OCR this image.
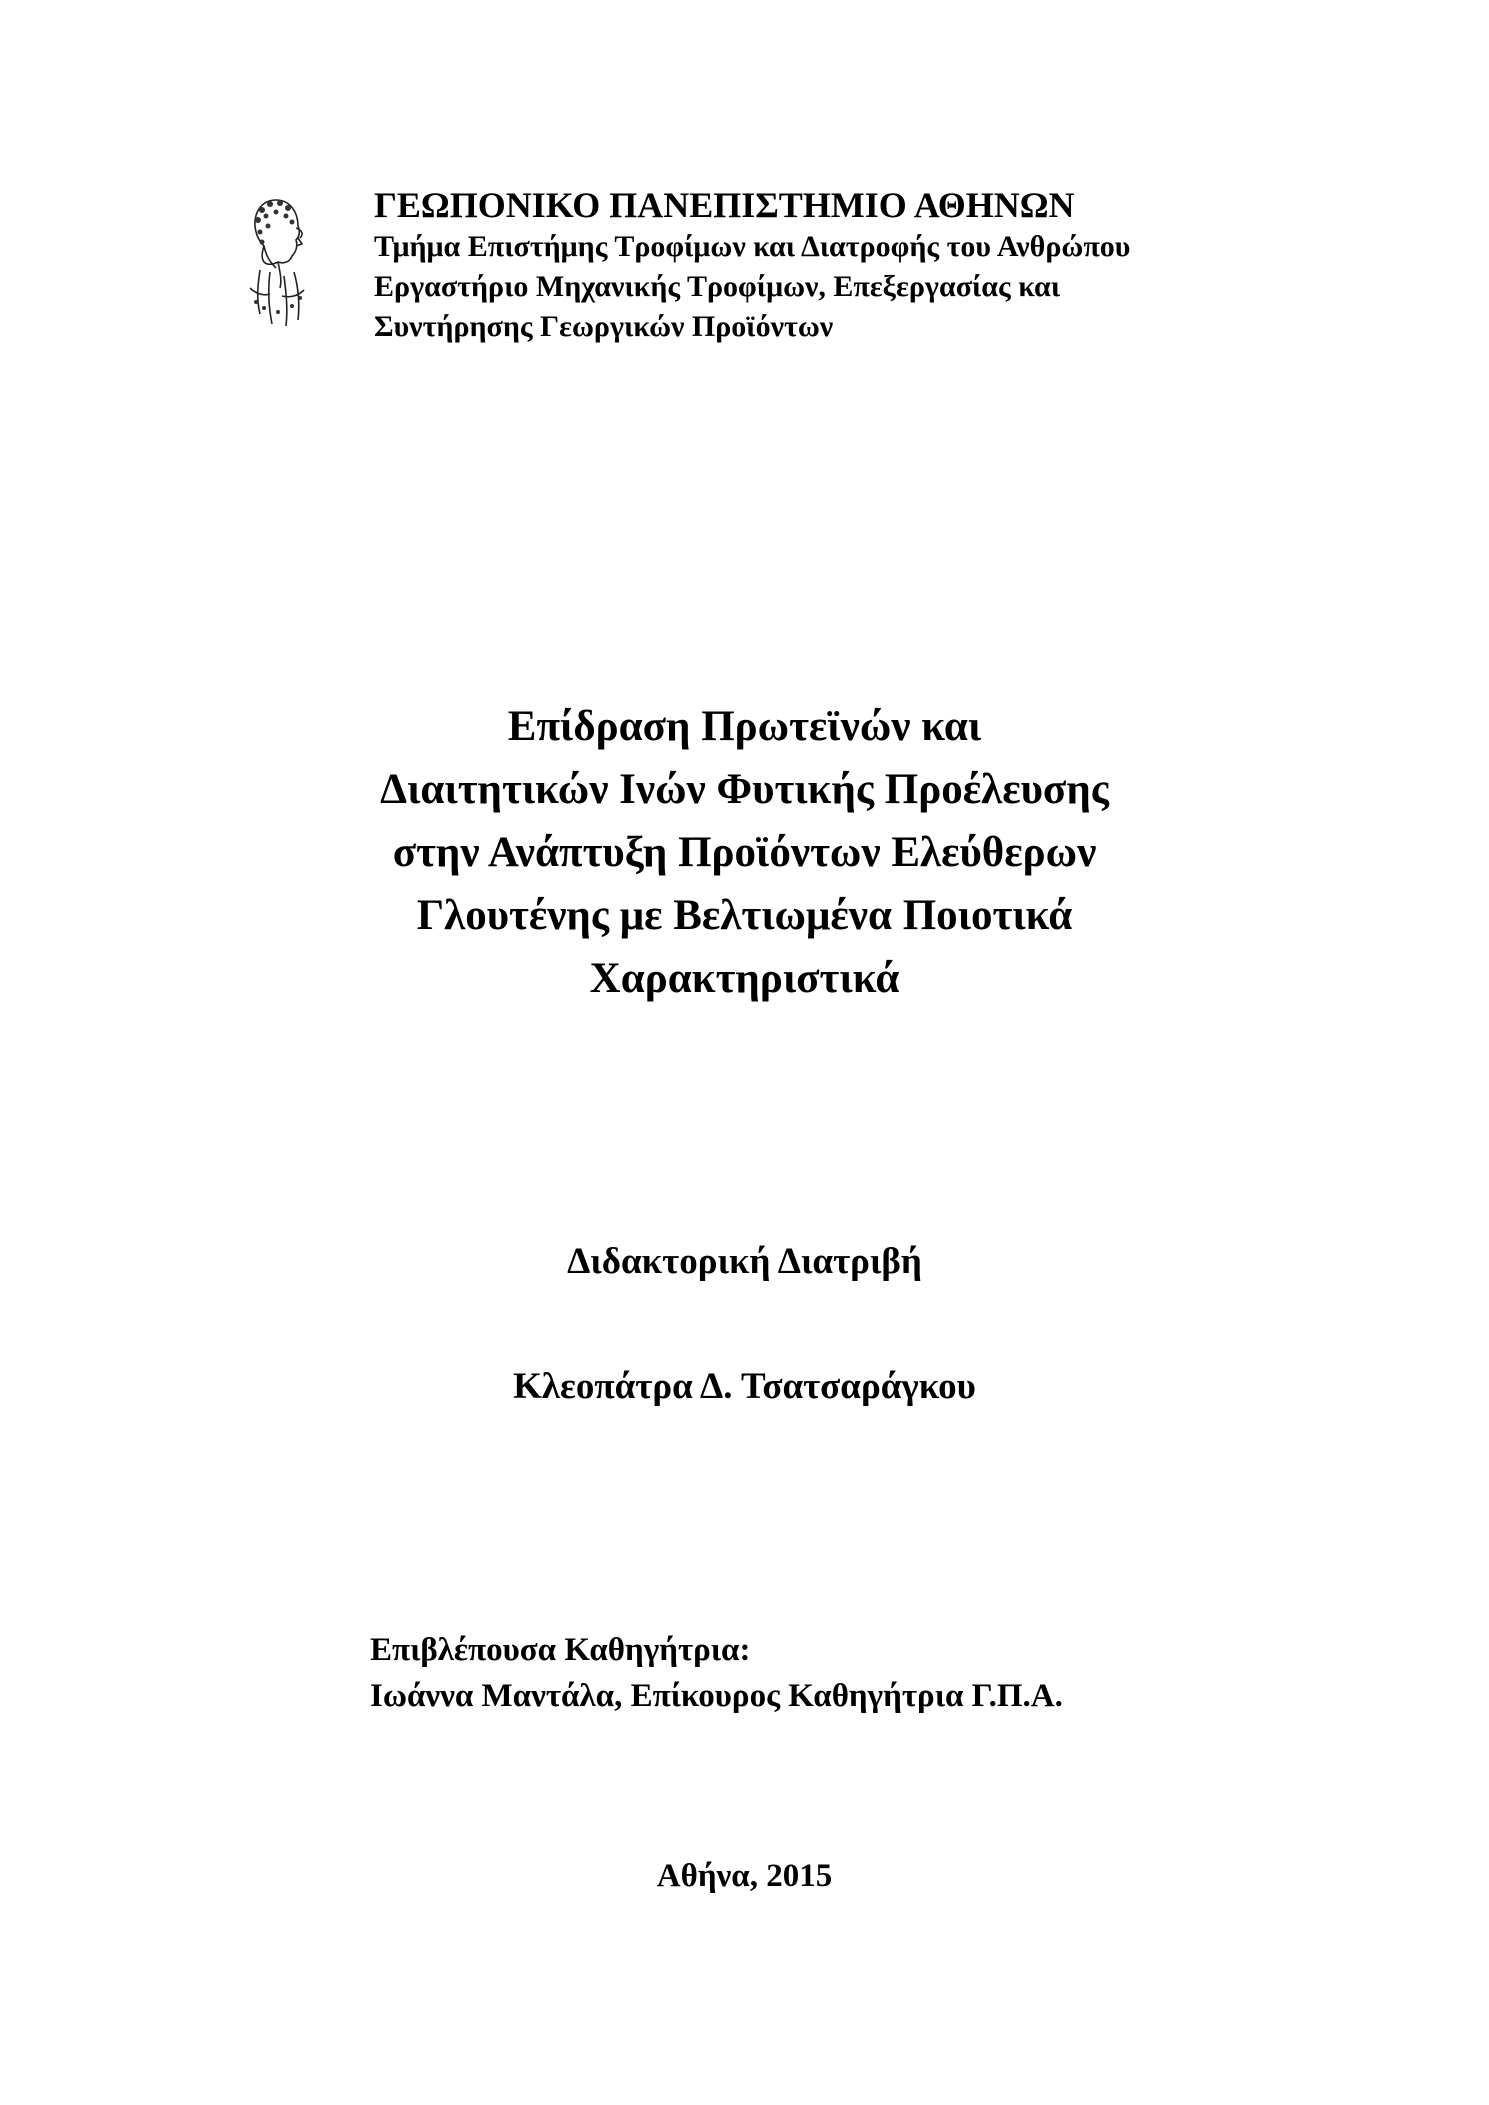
ΓΕΩΠΟΝΙΚΟ ΠΑΝΕΠΙΣΤΗΜΙΟ ΑΘΗΝΩΝ
Τμήμα Επιστήμης Τροφίμων και Διατροφής του Ανθρώπου
Εργαστήριο Μηχανικής Τροφίμων, Επεξεργασίας και
Συντήρησης Γεωργικών Προϊόντων
Επίδραση Πρωτεϊνών και
Διαιτητικών Ινών Φυτικής Προέλευσης
στην Ανάπτυξη Προϊόντων Ελεύθερων
Γλουτένης με Βελτιωμένα Ποιοτικά
Χαρακτηριστικά
Διδακτορική Διατριβή
Κλεοπάτρα Δ. Τσατσαράγκου
Επιβλέπουσα Καθηγήτρια:
Ιωάννα Μαντάλα, Επίκουρος Καθηγήτρια Γ.Π.Α.
Αθήνα, 2015
